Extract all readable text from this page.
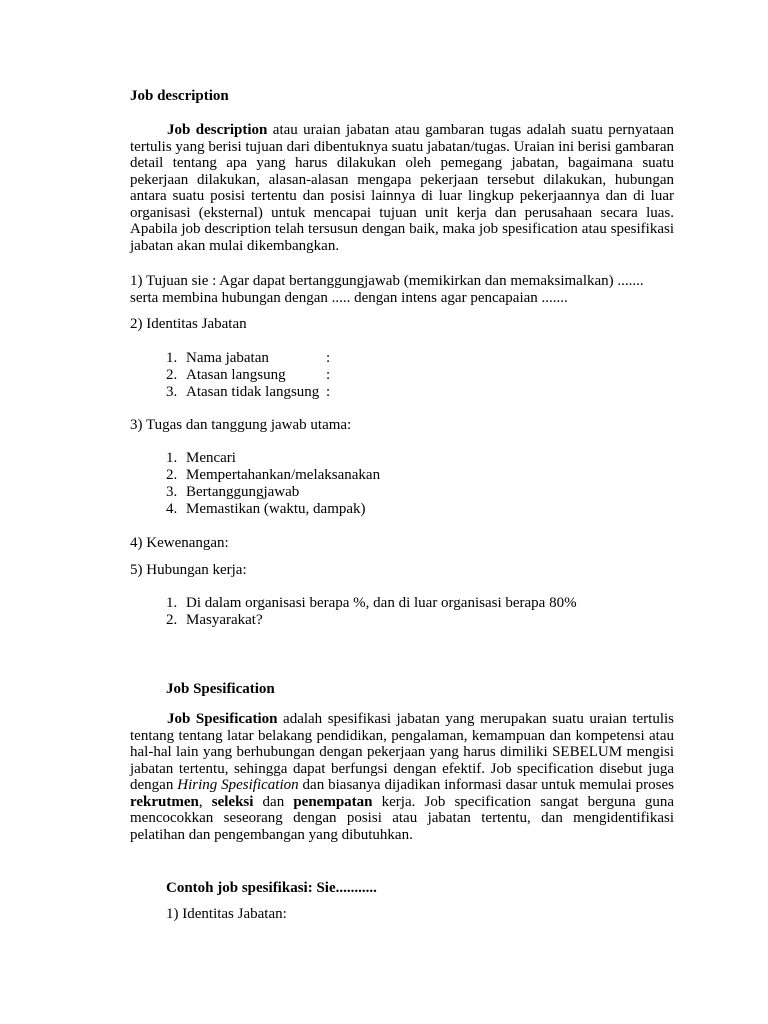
Job description

Job description atau uraian jabatan atau gambaran tugas adalah suatu pernyataan tertulis yang berisi tujuan dari dibentuknya suatu jabatan/tugas. Uraian ini berisi gambaran detail tentang apa yang harus dilakukan oleh pemegang jabatan, bagaimana suatu pekerjaan dilakukan, alasan-alasan mengapa pekerjaan tersebut dilakukan, hubungan antara suatu posisi tertentu dan posisi lainnya di luar lingkup pekerjaannya dan di luar organisasi (eksternal) untuk mencapai tujuan unit kerja dan perusahaan secara luas. Apabila job description telah tersusun dengan baik, maka job spesification atau spesifikasi jabatan akan mulai dikembangkan.

1) Tujuan sie : Agar dapat bertanggungjawab (memikirkan dan memaksimalkan) .......
serta membina hubungan dengan ..... dengan intens agar pencapaian .......
2) Identitas Jabatan
1. Nama jabatan	:
2. Atasan langsung	:
3. Atasan tidak langsung :
3) Tugas dan tanggung jawab utama:
1. Mencari
2. Mempertahankan/melaksanakan
3. Bertanggungjawab
4. Memastikan (waktu, dampak)
4) Kewenangan:
5) Hubungan kerja:
1. Di dalam organisasi berapa %, dan di luar organisasi berapa 80%
2. Masyarakat?
Job Spesification

Job Spesification adalah spesifikasi jabatan yang merupakan suatu uraian tertulis tentang tentang latar belakang pendidikan, pengalaman, kemampuan dan kompetensi atau hal-hal lain yang berhubungan dengan pekerjaan yang harus dimiliki SEBELUM mengisi jabatan tertentu, sehingga dapat berfungsi dengan efektif. Job specification disebut juga dengan Hiring Spesification dan biasanya dijadikan informasi dasar untuk memulai proses rekrutmen, seleksi dan penempatan kerja. Job specification sangat berguna guna mencocokkan seseorang dengan posisi atau jabatan tertentu, dan mengidentifikasi pelatihan dan pengembangan yang dibutuhkan.

Contoh job spesifikasi: Sie...........
1) Identitas Jabatan:
